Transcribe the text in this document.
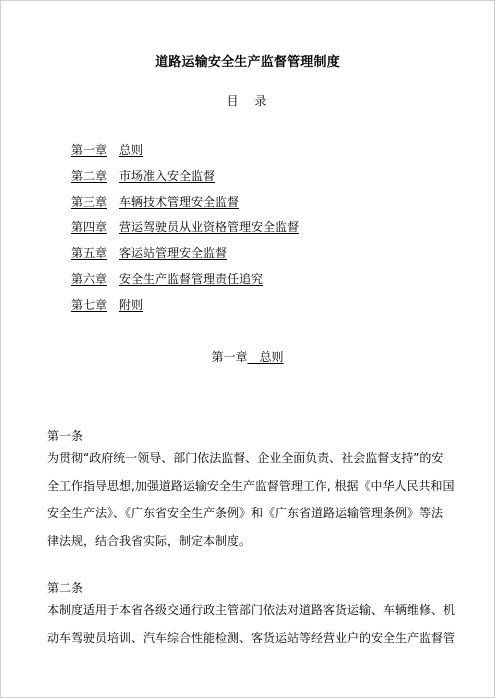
道路运输安全生产监督管理制度
目　录
第一章 总则
第二章 市场准入安全监督
第三章 车辆技术管理安全监督
第四章 营运驾驶员从业资格管理安全监督
第五章 客运站管理安全监督
第六章 安全生产监督管理责任追究
第七章 附则
第一章　 总则
第一条
为贯彻“政府统一领导、部门依法监督、企业全面负责、社会监督支持”的安
全工作指导思想,加强道路运输安全生产监督管理工作, 根据《中华人民共和国
安全生产法》、《广东省安全生产条例》和《广东省道路运输管理条例》等法
律法规，结合我省实际，制定本制度。
第二条
本制度适用于本省各级交通行政主管部门依法对道路客货运输、车辆维修、机
动车驾驶员培训、汽车综合性能检测、客货运站等经营业户的安全生产监督管
